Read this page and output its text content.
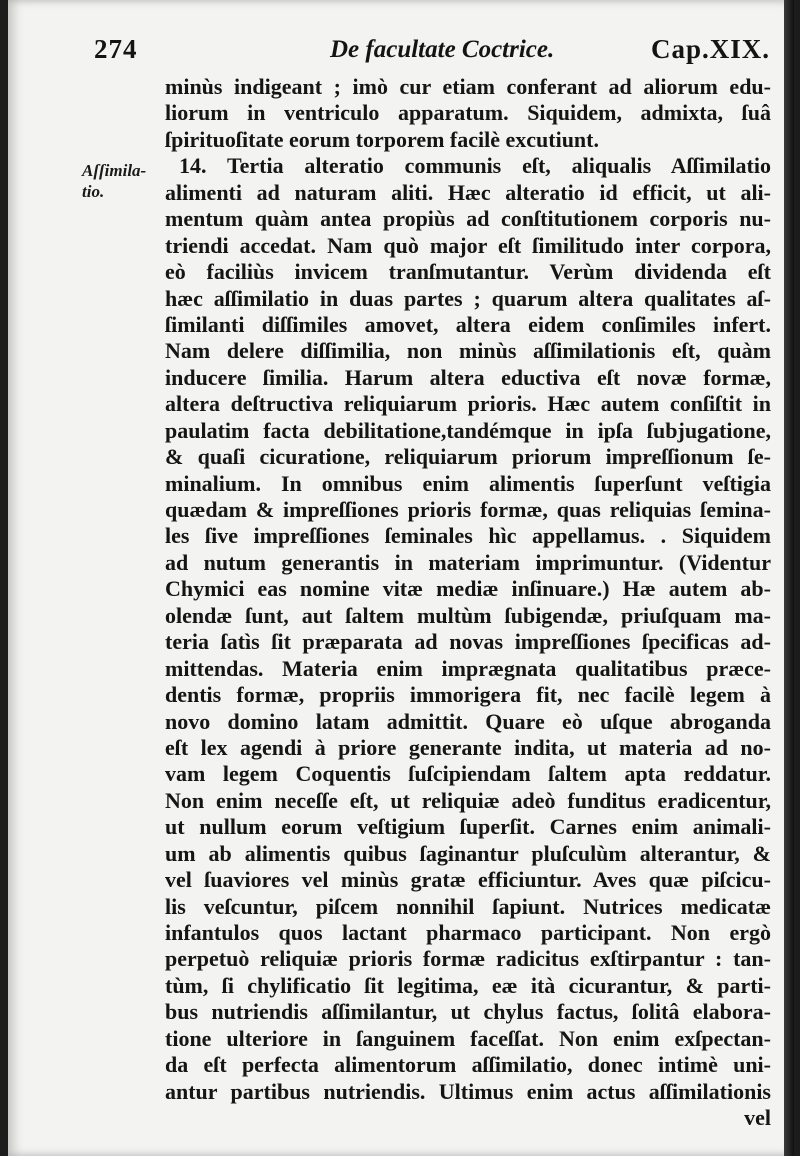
274	De facultate Coctrice.	Cap.XIX.
Aſſimila-
tio.
minùs indigeant ; imò cur etiam conferant ad aliorum edu-
liorum in ventriculo apparatum. Siquidem, admixta, ſuâ
ſpirituoſitate eorum torporem facilè excutiunt.
14. Tertia alteratio communis eſt, aliqualis Aſſimilatio
alimenti ad naturam aliti. Hæc alteratio id efficit, ut ali-
mentum quàm antea propiùs ad conſtitutionem corporis nu-
triendi accedat. Nam quò major eſt ſimilitudo inter corpora,
eò faciliùs invicem tranſmutantur. Verùm dividenda eſt
hæc aſſimilatio in duas partes ; quarum altera qualitates aſ-
ſimilanti diſſimiles amovet, altera eidem conſimiles infert.
Nam delere diſſimilia, non minùs aſſimilationis eſt, quàm
inducere ſimilia. Harum altera eductiva eſt novæ formæ,
altera deſtructiva reliquiarum prioris. Hæc autem conſiſtit in
paulatim facta debilitatione,tandémque in ipſa ſubjugatione,
& quaſi cicuratione, reliquiarum priorum impreſſionum ſe-
minalium. In omnibus enim alimentis ſuperſunt veſtigia
quædam & impreſſiones prioris formæ, quas reliquias ſemina-
les ſive impreſſiones ſeminales hìc appellamus. . Siquidem
ad nutum generantis in materiam imprimuntur. (Videntur
Chymici eas nomine vitæ mediæ inſinuare.) Hæ autem ab-
olendæ ſunt, aut ſaltem multùm ſubigendæ, priuſquam ma-
teria ſatìs ſit præparata ad novas impreſſiones ſpecificas ad-
mittendas. Materia enim imprægnata qualitatibus præce-
dentis formæ, propriis immorigera fit, nec facilè legem à
novo domino latam admittit. Quare eò uſque abroganda
eſt lex agendi à priore generante indita, ut materia ad no-
vam legem Coquentis ſuſcipiendam ſaltem apta reddatur.
Non enim neceſſe eſt, ut reliquiæ adeò funditus eradicentur,
ut nullum eorum veſtigium ſuperſit. Carnes enim animali-
um ab alimentis quibus ſaginantur pluſculùm alterantur, &
vel ſuaviores vel minùs gratæ efficiuntur. Aves quæ piſcicu-
lis veſcuntur, piſcem nonnihil ſapiunt. Nutrices medicatæ
infantulos quos lactant pharmaco participant. Non ergò
perpetuò reliquiæ prioris formæ radicitus exſtirpantur : tan-
tùm, ſi chylificatio ſit legitima, eæ ità cicurantur, & parti-
bus nutriendis aſſimilantur, ut chylus factus, ſolitâ elabora-
tione ulteriore in ſanguinem faceſſat. Non enim exſpectan-
da eſt perfecta alimentorum aſſimilatio, donec intimè uni-
antur partibus nutriendis. Ultimus enim actus aſſimilationis
vel
